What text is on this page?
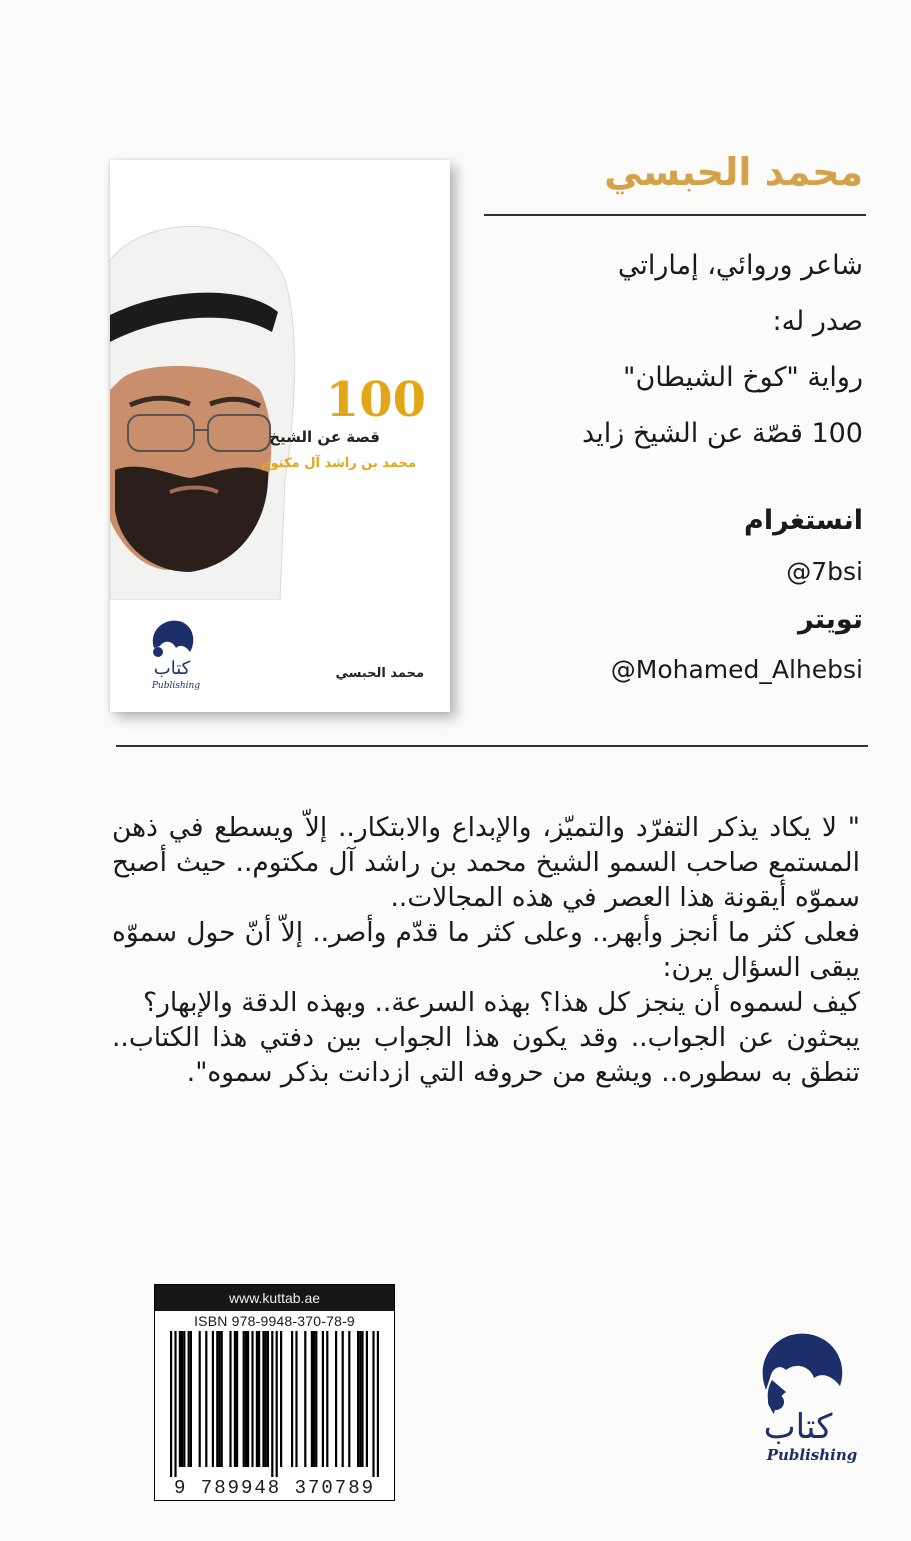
محمد الحبسي
شاعر وروائي، إماراتي
صدر له:
رواية "كوخ الشيطان"
100 قصّة عن الشيخ زايد
انستغرام
@7bsi
تويتر
@Mohamed_Alhebsi
100
قصة عن الشيخ
محمد بن راشد آل مكتوم
محمد الحبسي
كتاب
Publishing

" لا يكاد يذكر التفرّد والتميّز، والإبداع والابتكار.. إلاّ ويسطع في ذهن المستمع صاحب السمو الشيخ محمد بن راشد آل مكتوم.. حيث أصبح سموّه أيقونة هذا العصر في هذه المجالات..

فعلى كثر ما أنجز وأبهر.. وعلى كثر ما قدّم وأصر.. إلاّ أنّ حول سموّه يبقى السؤال يرن:

كيف لسموه أن ينجز كل هذا؟ بهذه السرعة.. وبهذه الدقة والإبهار؟

يبحثون عن الجواب.. وقد يكون هذا الجواب بين دفتي هذا الكتاب.. تنطق به سطوره.. ويشع من حروفه التي ازدانت بذكر سموه".

www.kuttab.ae
ISBN 978-9948-370-78-9
9 789948 370789
كتاب
Publishing
